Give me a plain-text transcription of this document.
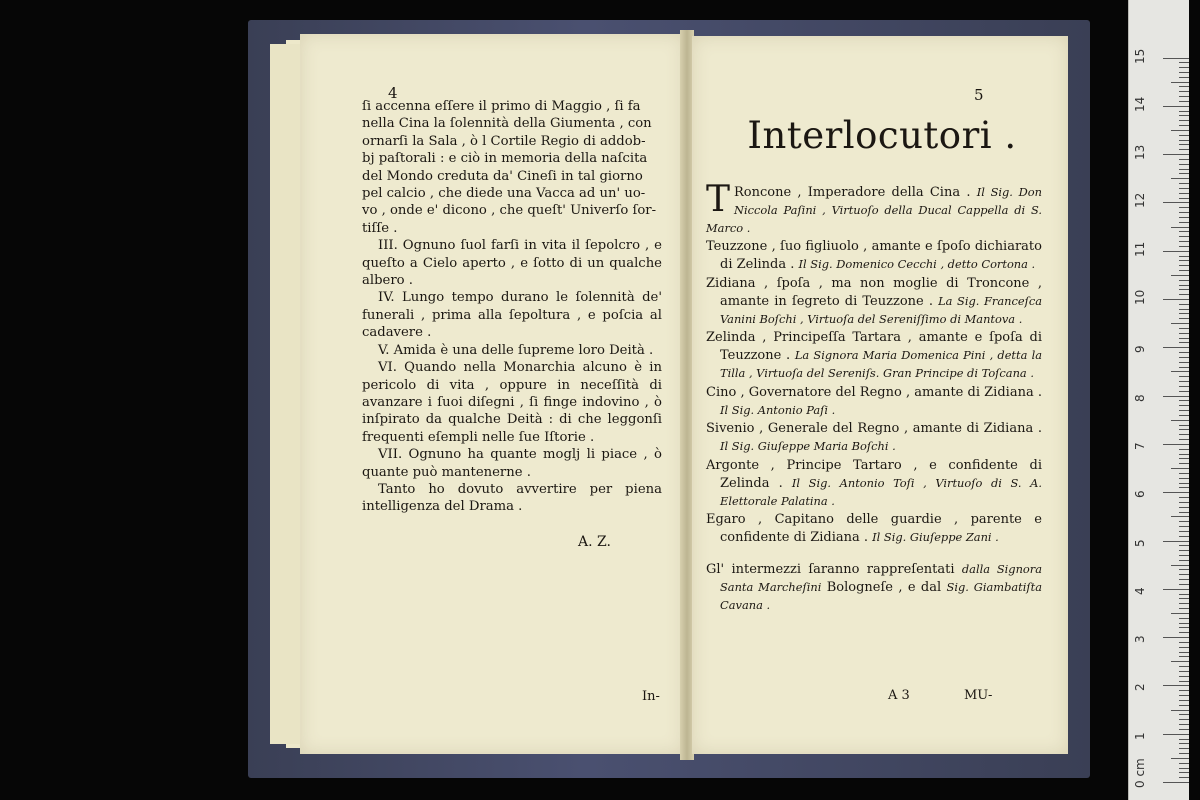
4

ſi accenna eſſere il primo di Maggio , ſi fa

nella Cina la ſolennità della Giumenta , con

ornarſi la Sala , ò l Cortile Regio di addob-

bj paſtorali : e ciò in memoria della naſcita

del Mondo creduta da' Cineſi in tal giorno

pel calcio , che diede una Vacca ad un' uo-

vo , onde e' dicono , che queſt' Univerſo ſor-

tiſſe .

III. Ognuno ſuol farſi in vita il ſepolcro , e queſto a Cielo aperto , e ſotto di un qualche albero .

IV. Lungo tempo durano le ſolennità de' funerali , prima alla ſepoltura , e poſcia al cadavere .

V. Amida è una delle ſupreme loro Deità .

VI. Quando nella Monarchia alcuno è in pericolo di vita , oppure in neceſſità di avanzare i ſuoi diſegni , ſi finge indovino , ò inſpirato da qualche Deità : di che leggonſi frequenti eſempli nelle ſue Iſtorie .

VII. Ognuno ha quante moglj li piace , ò quante può mantenerne .

Tanto ho dovuto avvertire per piena intelligenza del Drama .

A. Z.
In-
5
Interlocutori .

T Roncone , Imperadore della Cina . Il Sig. Don Niccola Paſini , Virtuoſo della Ducal Cappella di S. Marco .

Teuzzone , ſuo figliuolo , amante e ſpoſo dichiarato di Zelinda . Il Sig. Domenico Cecchi , detto Cortona .

Zidiana , ſpoſa , ma non moglie di Troncone , amante in ſegreto di Teuzzone . La Sig. Franceſca Vanini Boſchi , Virtuoſa del Sereniſſimo di Mantova .

Zelinda , Principeſſa Tartara , amante e ſpoſa di Teuzzone . La Signora Maria Domenica Pini , detta la Tilla , Virtuoſa del Sereniſs. Gran Principe di Toſcana .

Cino , Governatore del Regno , amante di Zidiana . Il Sig. Antonio Paſi .

Sivenio , Generale del Regno , amante di Zidiana . Il Sig. Giuſeppe Maria Boſchi .

Argonte , Principe Tartaro , e confidente di Zelinda . Il Sig. Antonio Toſi , Virtuoſo di S. A. Elettorale Palatina .

Egaro , Capitano delle guardie , parente e confidente di Zidiana . Il Sig. Giuſeppe Zani .

Gl' intermezzi ſaranno rappreſentati dalla Signora Santa Marcheſini Bologneſe , e dal Sig. Giambatiſta Cavana .

A 3	MU-
0 cm
1
2
3
4
5
6
7
8
9
10
11
12
13
14
15
